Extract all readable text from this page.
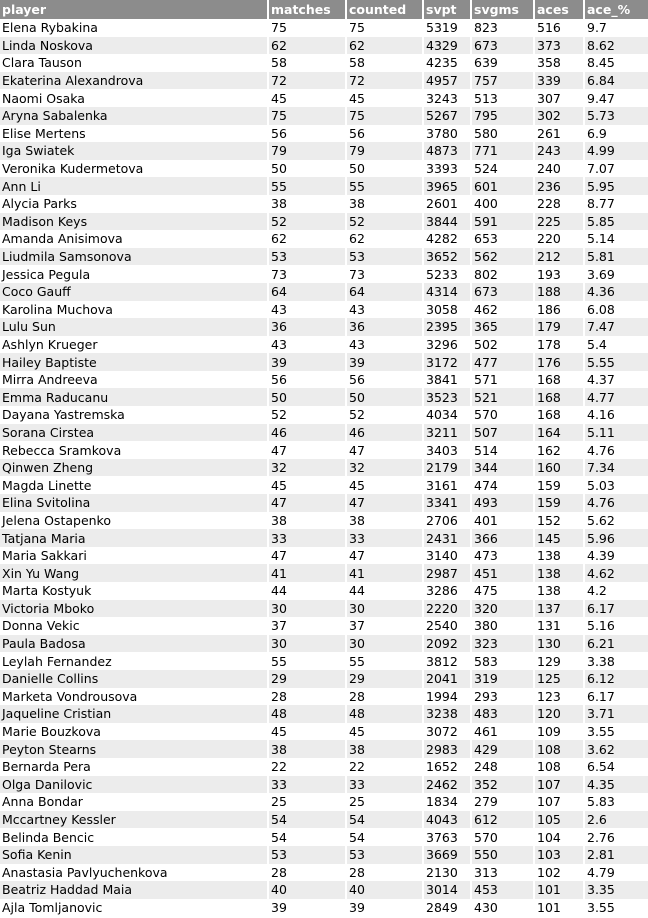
player	matches	counted	svpt	svgms	aces	ace_%
Elena Rybakina	75	75	5319	823	516	9.7
Linda Noskova	62	62	4329	673	373	8.62
Clara Tauson	58	58	4235	639	358	8.45
Ekaterina Alexandrova	72	72	4957	757	339	6.84
Naomi Osaka	45	45	3243	513	307	9.47
Aryna Sabalenka	75	75	5267	795	302	5.73
Elise Mertens	56	56	3780	580	261	6.9
Iga Swiatek	79	79	4873	771	243	4.99
Veronika Kudermetova	50	50	3393	524	240	7.07
Ann Li	55	55	3965	601	236	5.95
Alycia Parks	38	38	2601	400	228	8.77
Madison Keys	52	52	3844	591	225	5.85
Amanda Anisimova	62	62	4282	653	220	5.14
Liudmila Samsonova	53	53	3652	562	212	5.81
Jessica Pegula	73	73	5233	802	193	3.69
Coco Gauff	64	64	4314	673	188	4.36
Karolina Muchova	43	43	3058	462	186	6.08
Lulu Sun	36	36	2395	365	179	7.47
Ashlyn Krueger	43	43	3296	502	178	5.4
Hailey Baptiste	39	39	3172	477	176	5.55
Mirra Andreeva	56	56	3841	571	168	4.37
Emma Raducanu	50	50	3523	521	168	4.77
Dayana Yastremska	52	52	4034	570	168	4.16
Sorana Cirstea	46	46	3211	507	164	5.11
Rebecca Sramkova	47	47	3403	514	162	4.76
Qinwen Zheng	32	32	2179	344	160	7.34
Magda Linette	45	45	3161	474	159	5.03
Elina Svitolina	47	47	3341	493	159	4.76
Jelena Ostapenko	38	38	2706	401	152	5.62
Tatjana Maria	33	33	2431	366	145	5.96
Maria Sakkari	47	47	3140	473	138	4.39
Xin Yu Wang	41	41	2987	451	138	4.62
Marta Kostyuk	44	44	3286	475	138	4.2
Victoria Mboko	30	30	2220	320	137	6.17
Donna Vekic	37	37	2540	380	131	5.16
Paula Badosa	30	30	2092	323	130	6.21
Leylah Fernandez	55	55	3812	583	129	3.38
Danielle Collins	29	29	2041	319	125	6.12
Marketa Vondrousova	28	28	1994	293	123	6.17
Jaqueline Cristian	48	48	3238	483	120	3.71
Marie Bouzkova	45	45	3072	461	109	3.55
Peyton Stearns	38	38	2983	429	108	3.62
Bernarda Pera	22	22	1652	248	108	6.54
Olga Danilovic	33	33	2462	352	107	4.35
Anna Bondar	25	25	1834	279	107	5.83
Mccartney Kessler	54	54	4043	612	105	2.6
Belinda Bencic	54	54	3763	570	104	2.76
Sofia Kenin	53	53	3669	550	103	2.81
Anastasia Pavlyuchenkova	28	28	2130	313	102	4.79
Beatriz Haddad Maia	40	40	3014	453	101	3.35
Ajla Tomljanovic	39	39	2849	430	101	3.55
